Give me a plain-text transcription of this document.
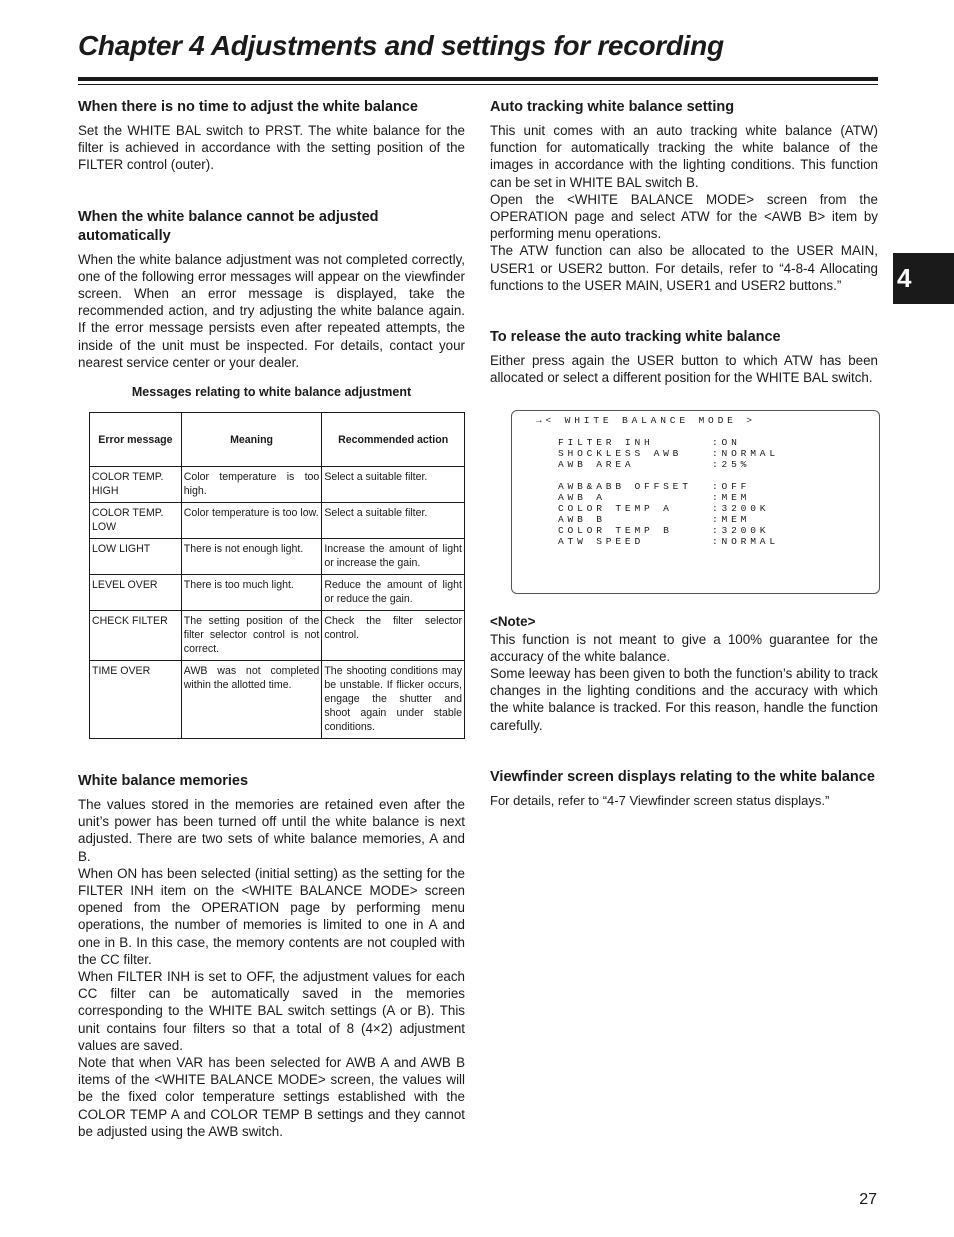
Chapter 4 Adjustments and settings for recording
4
When there is no time to adjust the white balance

Set the WHITE BAL switch to PRST. The white balance for the filter is achieved in accordance with the setting position of the FILTER control (outer).

When the white balance cannot be adjusted automatically

When the white balance adjustment was not completed correctly, one of the following error messages will appear on the viewfinder screen. When an error message is displayed, take the recommended action, and try adjusting the white balance again. If the error message persists even after repeated attempts, the inside of the unit must be inspected. For details, contact your nearest service center or your dealer.

Messages relating to white balance adjustment
Error message	Meaning	Recommended action
COLOR TEMP. HIGH	Color temperature is too high.	Select a suitable filter.
COLOR TEMP. LOW	Color temperature is too low.	Select a suitable filter.
LOW LIGHT	There is not enough light.	Increase the amount of light or increase the gain.
LEVEL OVER	There is too much light.	Reduce the amount of light or reduce the gain.
CHECK FILTER	The setting position of the filter selector control is not correct.	Check the filter selector control.
TIME OVER	AWB was not completed within the allotted time.	The shooting conditions may be unstable. If flicker occurs, engage the shutter and shoot again under stable conditions.
White balance memories

The values stored in the memories are retained even after the unit’s power has been turned off until the white balance is next adjusted. There are two sets of white balance memories, A and B.

When ON has been selected (initial setting) as the setting for the FILTER INH item on the <WHITE BALANCE MODE> screen opened from the OPERATION page by performing menu operations, the number of memories is limited to one in A and one in B. In this case, the memory contents are not coupled with the CC filter.

When FILTER INH is set to OFF, the adjustment values for each CC filter can be automatically saved in the memories corresponding to the WHITE BAL switch settings (A or B). This unit contains four filters so that a total of 8 (4×2) adjustment values are saved.

Note that when VAR has been selected for AWB A and AWB B items of the <WHITE BALANCE MODE> screen, the values will be the fixed color temperature settings established with the COLOR TEMP A and COLOR TEMP B settings and they cannot be adjusted using the AWB switch.

Auto tracking white balance setting

This unit comes with an auto tracking white balance (ATW) function for automatically tracking the white balance of the images in accordance with the lighting conditions. This function can be set in WHITE BAL switch B.

Open the <WHITE BALANCE MODE> screen from the OPERATION page and select ATW for the <AWB B> item by performing menu operations.

The ATW function can also be allocated to the USER MAIN, USER1 or USER2 button. For details, refer to “4-8-4 Allocating functions to the USER MAIN, USER1 and USER2 buttons.”

To release the auto tracking white balance

Either press again the USER button to which ATW has been allocated or select a different position for the WHITE BAL switch.

→< WHITE BALANCE MODE >
FILTER INH	:ON
SHOCKLESS AWB	:NORMAL
AWB AREA	:25%
AWB&ABB OFFSET :OFF
AWB A	:MEM
COLOR TEMP A	:3200K
AWB B	:MEM
COLOR TEMP B	:3200K
ATW SPEED	:NORMAL
<Note>

This function is not meant to give a 100% guarantee for the accuracy of the white balance.

Some leeway has been given to both the function’s ability to track changes in the lighting conditions and the accuracy with which the white balance is tracked. For this reason, handle the function carefully.

Viewfinder screen displays relating to the white balance

For details, refer to “4-7 Viewfinder screen status displays.”

27
